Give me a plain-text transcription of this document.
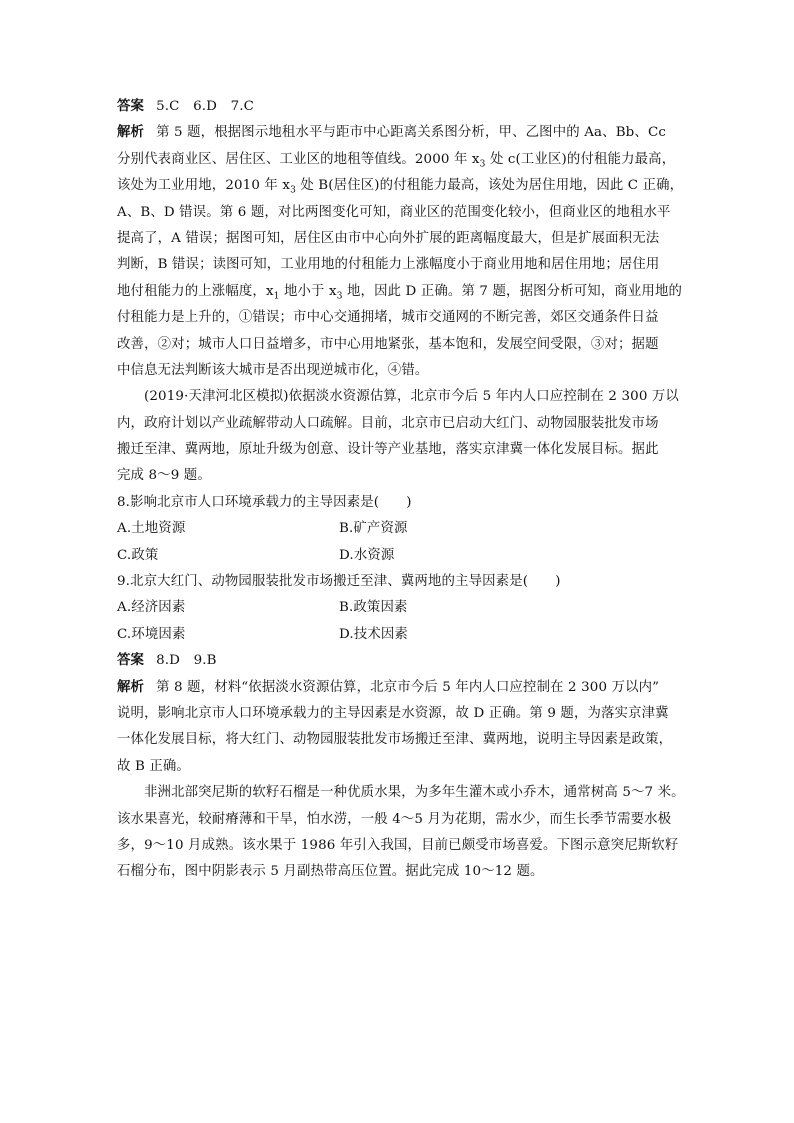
答案 5.C　6.D　7.C
解析 第 5 题，根据图示地租水平与距市中心距离关系图分析，甲、乙图中的 Aa、Bb、Cc
分别代表商业区、居住区、工业区的地租等值线。2000 年 $x_3$ 处 c(工业区)的付租能力最高，
该处为工业用地，2010 年 $x_3$ 处 B(居住区)的付租能力最高，该处为居住用地，因此 C 正确，
A、B、D 错误。第 6 题，对比两图变化可知，商业区的范围变化较小，但商业区的地租水平
提高了，A 错误；据图可知，居住区由市中心向外扩展的距离幅度最大，但是扩展面积无法
判断，B 错误；读图可知，工业用地的付租能力上涨幅度小于商业用地和居住用地；居住用
地付租能力的上涨幅度，$x_1$ 地小于 $x_3$ 地，因此 D 正确。第 7 题，据图分析可知，商业用地的
付租能力是上升的，①错误；市中心交通拥堵，城市交通网的不断完善，郊区交通条件日益
改善，②对；城市人口日益增多，市中心用地紧张，基本饱和，发展空间受限，③对；据题
中信息无法判断该大城市是否出现逆城市化，④错。
(2019·天津河北区模拟)依据淡水资源估算，北京市今后 5 年内人口应控制在 2 300 万以
内，政府计划以产业疏解带动人口疏解。目前，北京市已启动大红门、动物园服装批发市场
搬迁至津、冀两地，原址升级为创意、设计等产业基地，落实京津冀一体化发展目标。据此
完成 8～9 题。
8.影响北京市人口环境承载力的主导因素是(　　)
A.土地资源	B.矿产资源
C.政策	D.水资源
9.北京大红门、动物园服装批发市场搬迁至津、冀两地的主导因素是(　　)
A.经济因素	B.政策因素
C.环境因素	D.技术因素
答案 8.D　9.B
解析 第 8 题，材料“依据淡水资源估算，北京市今后 5 年内人口应控制在 2 300 万以内”
说明，影响北京市人口环境承载力的主导因素是水资源，故 D 正确。第 9 题，为落实京津冀
一体化发展目标，将大红门、动物园服装批发市场搬迁至津、冀两地，说明主导因素是政策，
故 B 正确。
非洲北部突尼斯的软籽石榴是一种优质水果，为多年生灌木或小乔木，通常树高 5～7 米。
该水果喜光，较耐瘠薄和干旱，怕水涝，一般 4～5 月为花期，需水少，而生长季节需要水极
多，9～10 月成熟。该水果于 1986 年引入我国，目前已颇受市场喜爱。下图示意突尼斯软籽
石榴分布，图中阴影表示 5 月副热带高压位置。据此完成 10～12 题。
